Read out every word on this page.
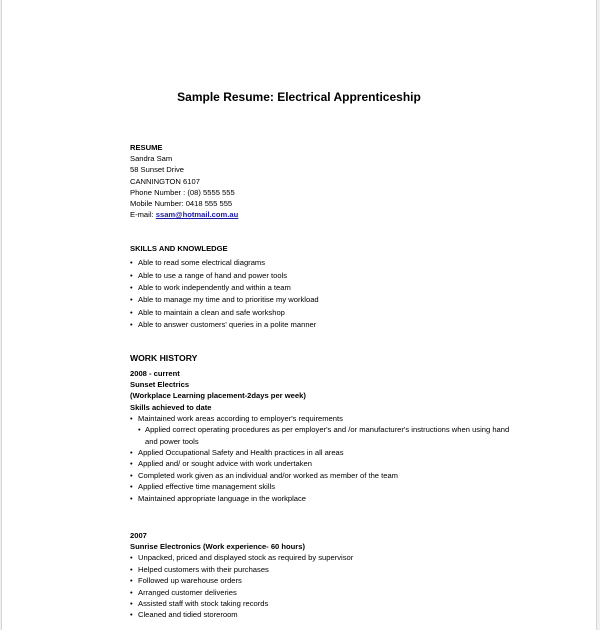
Sample Resume: Electrical Apprenticeship
RESUME
Sandra Sam
58 Sunset Drive
CANNINGTON 6107
Phone Number : (08) 5555 555
Mobile Number: 0418 555 555
E-mail: ssam@hotmail.com.au
SKILLS AND KNOWLEDGE
• Able to read some electrical diagrams
• Able to use a range of hand and power tools
• Able to work independently and within a team
• Able to manage my time and to prioritise my workload
• Able to maintain a clean and safe workshop
• Able to answer customers' queries in a polite manner
WORK HISTORY
2008 - current
Sunset Electrics
(Workplace Learning placement-2days per week)
Skills achieved to date
• Maintained work areas according to employer's requirements
• Applied correct operating procedures as per employer's and /or manufacturer's instructions when using hand and power tools
• Applied Occupational Safety and Health practices in all areas
• Applied and/ or sought advice with work undertaken
• Completed work given as an individual and/or worked as member of the team
• Applied effective time management skills
• Maintained appropriate language in the workplace
2007
Sunrise Electronics (Work experience- 60 hours)
• Unpacked, priced and displayed stock as required by supervisor
• Helped customers with their purchases
• Followed up warehouse orders
• Arranged customer deliveries
• Assisted staff with stock taking records
• Cleaned and tidied storeroom
